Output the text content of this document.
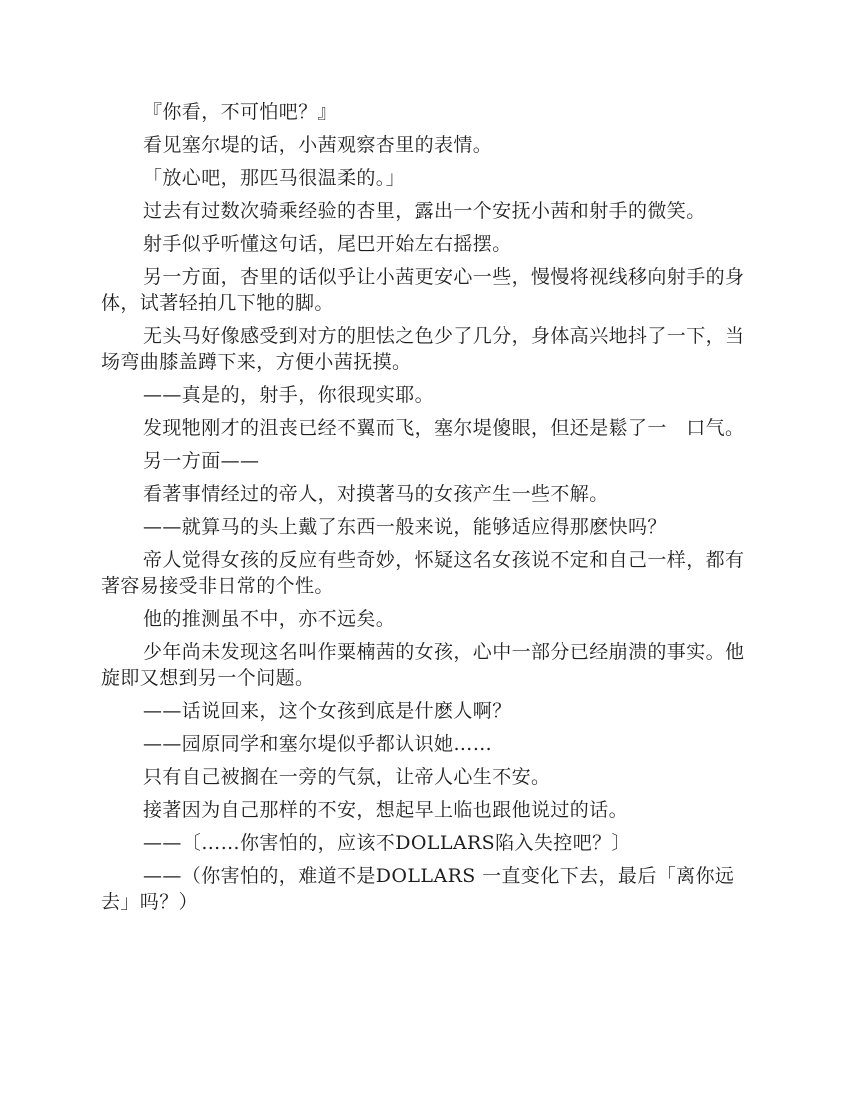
『你看，不可怕吧？』

看见塞尔堤的话，小茜观察杏里的表情。

「放心吧，那匹马很温柔的。」

过去有过数次骑乘经验的杏里，露出一个安抚小茜和射手的微笑。

射手似乎听懂这句话，尾巴开始左右摇摆。

另一方面，杏里的话似乎让小茜更安心一些，慢慢将视线移向射手的身体，试著轻拍几下牠的脚。

无头马好像感受到对方的胆怯之色少了几分，身体高兴地抖了一下，当场弯曲膝盖蹲下来，方便小茜抚摸。

——真是的，射手，你很现实耶。

发现牠刚才的沮丧已经不翼而飞，塞尔堤傻眼，但还是鬆了一　口气。

另一方面——

看著事情经过的帝人，对摸著马的女孩产生一些不解。

——就算马的头上戴了东西一般来说，能够适应得那麽快吗？

帝人觉得女孩的反应有些奇妙，怀疑这名女孩说不定和自己一样，都有著容易接受非日常的个性。

他的推测虽不中，亦不远矣。

少年尚未发现这名叫作粟楠茜的女孩，心中一部分已经崩溃的事实。他旋即又想到另一个问题。

——话说回来，这个女孩到底是什麽人啊？

——园原同学和塞尔堤似乎都认识她……

只有自己被搁在一旁的气氛，让帝人心生不安。

接著因为自己那样的不安，想起早上临也跟他说过的话。

——〔……你害怕的，应该不DOLLARS陷入失控吧？〕

——（你害怕的，难道不是DOLLARS 一直变化下去，最后「离你远去」吗？）
